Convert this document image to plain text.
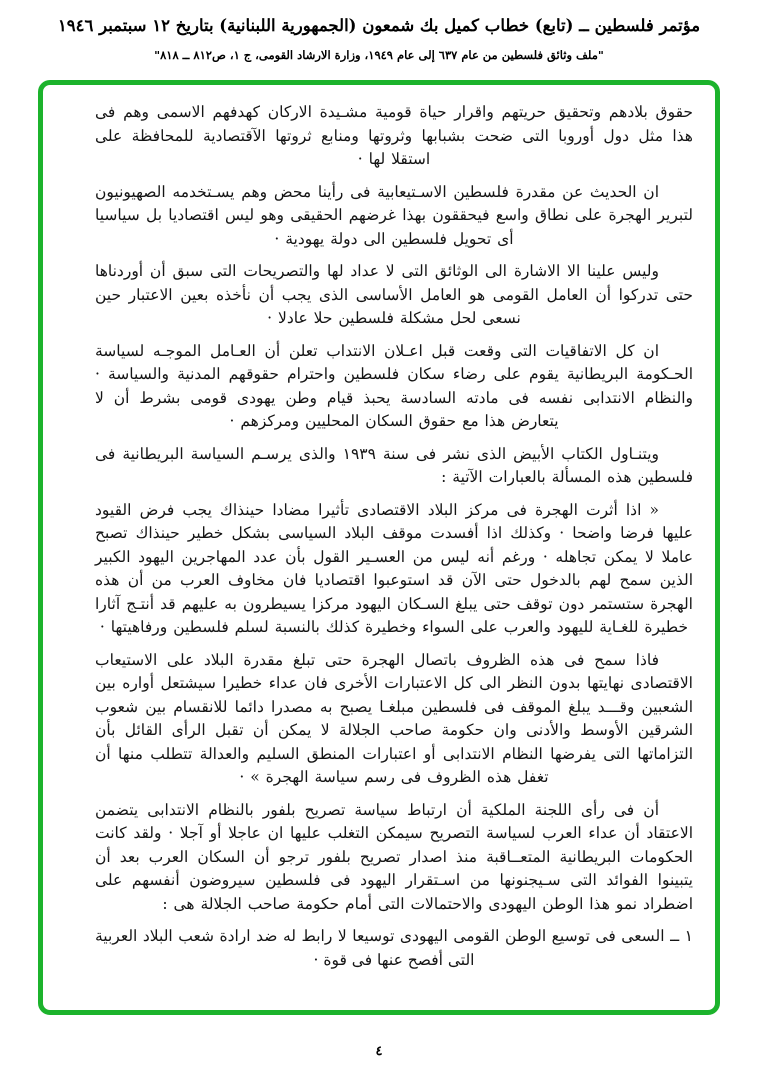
مؤتمر فلسطين ــ (تابع) خطاب كميل بك شمعون (الجمهورية اللبنانية) بتاريخ ١٢ سبتمبر ١٩٤٦
"ملف وثائق فلسطين من عام ٦٣٧ إلى عام ١٩٤٩، وزارة الارشاد القومى، ج ١، ص٨١٢ ــ ٨١٨"

حقوق بلادهم وتحقيق حريتهم واقرار حياة قومية مشـيدة الاركان كهدفهم الاسمى وهم فى هذا مثل دول أوروبا التى ضحت بشبابها وثروتها ومنابع ثروتها الآقتصادية للمحافظة على استقلا لها ·

ان الحديث عن مقدرة فلسطين الاسـتيعابية فى رأينا محض وهم يسـتخدمه الصهيونيون لتبرير الهجرة على نطاق واسع فيحققون بهذا غرضهم الحقيقى وهو ليس اقتصاديا بل سياسيا أى تحويل فلسطين الى دولة يهودية ·

وليس علينا الا الاشارة الى الوثائق التى لا عداد لها والتصريحات التى سبق أن أوردناها حتى تدركوا أن العامل القومى هو العامل الأساسى الذى يجب أن نأخذه بعين الاعتبار حين نسعى لحل مشكلة فلسطين حلا عادلا ·

ان كل الاتفاقيات التى وقعت قبل اعـلان الانتداب تعلن أن العـامل الموجـه لسياسة الحـكومة البريطانية يقوم على رضاء سكان فلسطين واحترام حقوقهم المدنية والسياسة · والنظام الانتدابى نفسه فى مادته السادسة يحبذ قيام وطن يهودى قومى بشرط أن لا يتعارض هذا مع حقوق السكان المحليين ومركزهم ·

ويتنـاول الكتاب الأبيض الذى نشر فى سنة ١٩٣٩ والذى يرسـم السياسة البريطانية فى فلسطين هذه المسألة بالعبارات الآتية :

« اذا أثرت الهجرة فى مركز البلاد الاقتصادى تأثيرا مضادا حينذاك يجب فرض القيود عليها فرضا واضحا · وكذلك اذا أفسدت موقف البلاد السياسى بشكل خطير حينذاك تصبح عاملا لا يمكن تجاهله · ورغم أنه ليس من العسـير القول بأن عدد المهاجرين اليهود الكبير الذين سمح لهم بالدخول حتى الآن قد استوعبوا اقتصاديا فان مخاوف العرب من أن هذه الهجرة ستستمر دون توقف حتى يبلغ السـكان اليهود مركزا يسيطرون به عليهم قد أنتـج آثارا خطيرة للغـاية لليهود والعرب على السواء وخطيرة كذلك بالنسبة لسلم فلسطين ورفاهيتها ·

فاذا سمح فى هذه الظروف باتصال الهجرة حتى تبلغ مقدرة البلاد على الاستيعاب الاقتصادى نهايتها بدون النظر الى كل الاعتبارات الأخرى فان عداء خطيرا سيشتعل أواره بين الشعبين وقـــد يبلغ الموقف فى فلسطين مبلغـا يصبح به مصدرا دائما للانقسام بين شعوب الشرقين الأوسط والأدنى وان حكومة صاحب الجلالة لا يمكن أن تقبل الرأى القائل بأن التزاماتها التى يفرضها النظام الانتدابى أو اعتبارات المنطق السليم والعدالة تتطلب منها أن تغفل هذه الظروف فى رسم سياسة الهجرة » ·

أن فى رأى اللجنة الملكية أن ارتباط سياسة تصريح بلفور بالنظام الانتدابى يتضمن الاعتقاد أن عداء العرب لسياسة التصريح سيمكن التغلب عليها ان عاجلا أو آجلا · ولقد كانت الحكومات البريطانية المتعــاقبة منذ اصدار تصريح بلفور ترجو أن السكان العرب بعد أن يتبينوا الفوائد التى سـيجنونها من اسـتقرار اليهود فى فلسطين سيروضون أنفسهم على اضطراد نمو هذا الوطن اليهودى والاحتمالات التى أمام حكومة صاحب الجلالة هى :

١ ــ السعى فى توسيع الوطن القومى اليهودى توسيعا لا رابط له ضد ارادة شعب البلاد العربية التى أفصح عنها فى قوة ·

٤
